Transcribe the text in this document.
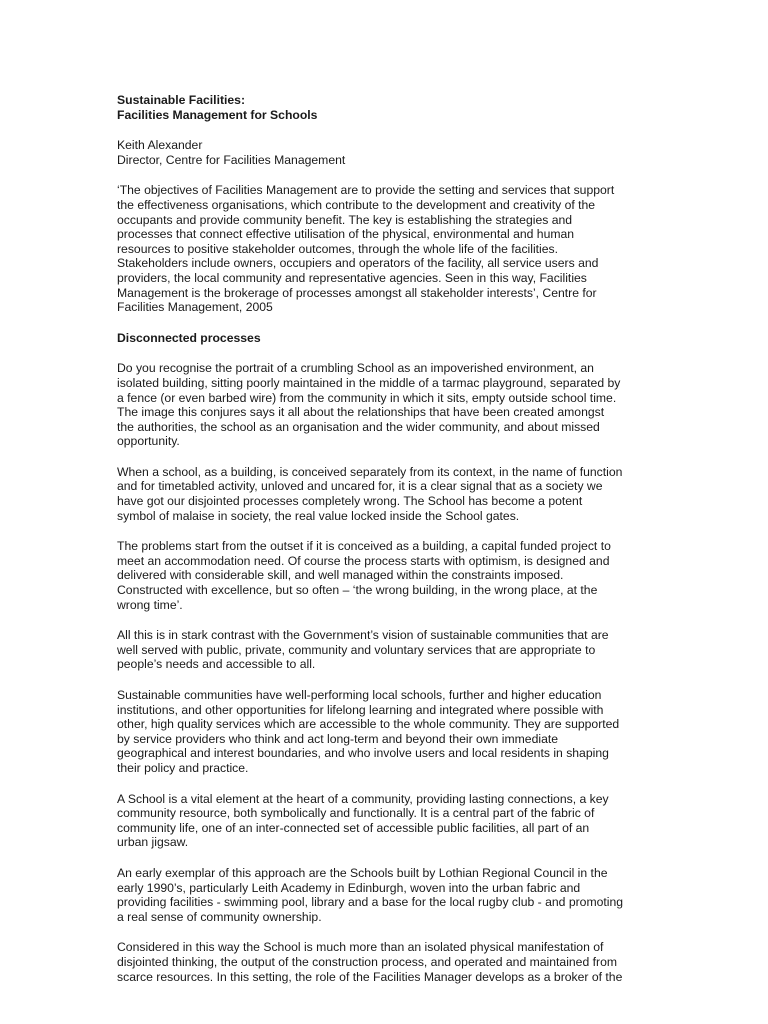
Sustainable Facilities:

Facilities Management for Schools

Keith Alexander

Director, Centre for Facilities Management

‘The objectives of Facilities Management are to provide the setting and services that support
the effectiveness organisations, which contribute to the development and creativity of the
occupants and provide community benefit. The key is establishing the strategies and
processes that connect effective utilisation of the physical, environmental and human
resources to positive stakeholder outcomes, through the whole life of the facilities.
Stakeholders include owners, occupiers and operators of the facility, all service users and
providers, the local community and representative agencies. Seen in this way, Facilities
Management is the brokerage of processes amongst all stakeholder interests’, Centre for
Facilities Management, 2005

Disconnected processes

Do you recognise the portrait of a crumbling School as an impoverished environment, an
isolated building, sitting poorly maintained in the middle of a tarmac playground, separated by
a fence (or even barbed wire) from the community in which it sits, empty outside school time.
The image this conjures says it all about the relationships that have been created amongst
the authorities, the school as an organisation and the wider community, and about missed
opportunity.

When a school, as a building, is conceived separately from its context, in the name of function
and for timetabled activity, unloved and uncared for, it is a clear signal that as a society we
have got our disjointed processes completely wrong. The School has become a potent
symbol of malaise in society, the real value locked inside the School gates.

The problems start from the outset if it is conceived as a building, a capital funded project to
meet an accommodation need. Of course the process starts with optimism, is designed and
delivered with considerable skill, and well managed within the constraints imposed.
Constructed with excellence, but so often – ‘the wrong building, in the wrong place, at the
wrong time’.

All this is in stark contrast with the Government’s vision of sustainable communities that are
well served with public, private, community and voluntary services that are appropriate to
people’s needs and accessible to all.

Sustainable communities have well-performing local schools, further and higher education
institutions, and other opportunities for lifelong learning and integrated where possible with
other, high quality services which are accessible to the whole community. They are supported
by service providers who think and act long-term and beyond their own immediate
geographical and interest boundaries, and who involve users and local residents in shaping
their policy and practice.

A School is a vital element at the heart of a community, providing lasting connections, a key
community resource, both symbolically and functionally. It is a central part of the fabric of
community life, one of an inter-connected set of accessible public facilities, all part of an
urban jigsaw.

An early exemplar of this approach are the Schools built by Lothian Regional Council in the
early 1990’s, particularly Leith Academy in Edinburgh, woven into the urban fabric and
providing facilities - swimming pool, library and a base for the local rugby club - and promoting
a real sense of community ownership.

Considered in this way the School is much more than an isolated physical manifestation of
disjointed thinking, the output of the construction process, and operated and maintained from
scarce resources. In this setting, the role of the Facilities Manager develops as a broker of the
